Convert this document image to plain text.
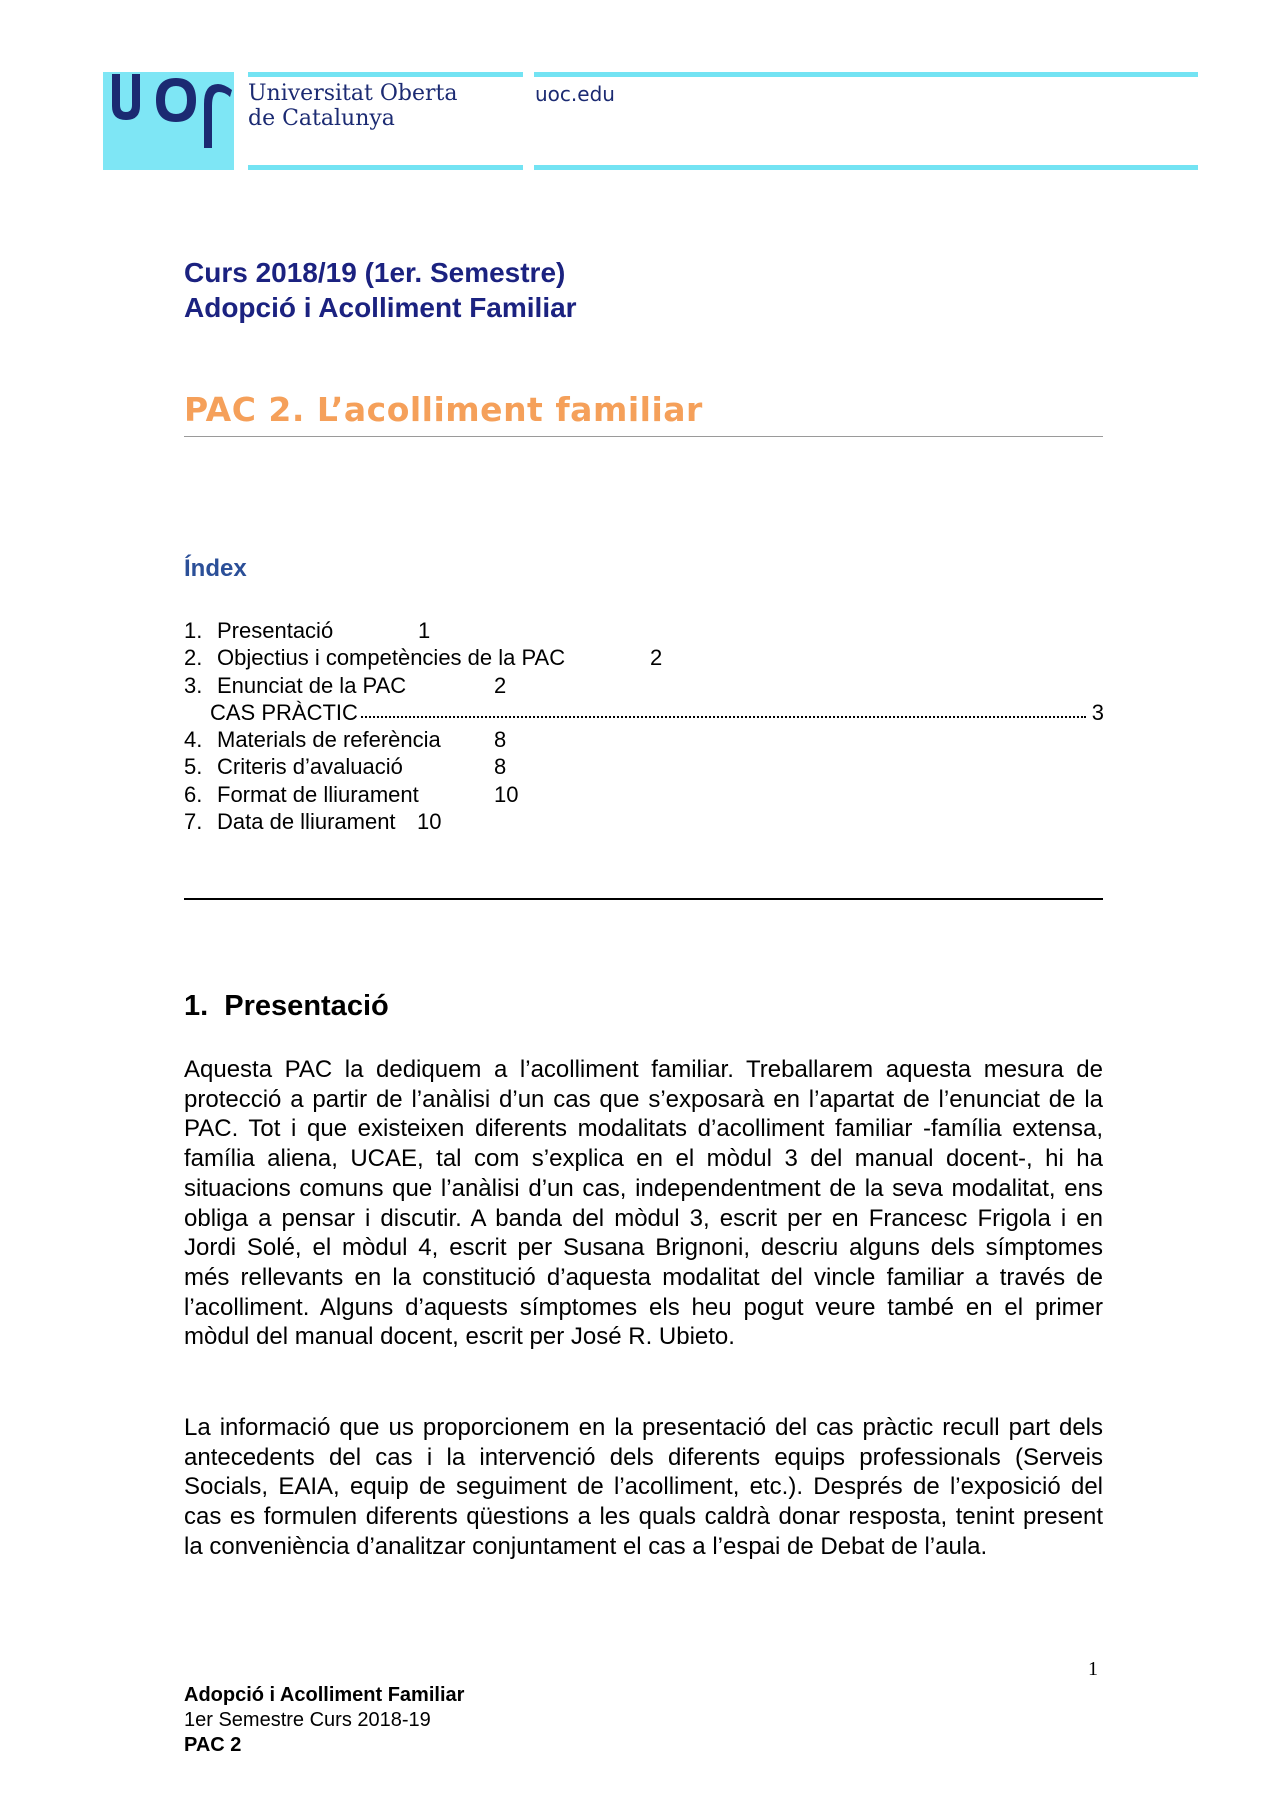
Universitat Oberta
de Catalunya
uoc.edu
Curs 2018/19 (1er. Semestre)
Adopció i Acolliment Familiar
PAC 2. L’acolliment familiar
Índex
1. Presentació	1
2. Objectius i competències de la PAC	2
3. Enunciat de la PAC	2
CAS PRÀCTIC	3
4. Materials de referència 8
5. Criteris d’avaluació	8
6. Format de lliurament	10
7. Data de lliurament 10
1.  Presentació
Aquesta PAC la dediquem a l’acolliment familiar. Treballarem aquesta mesura de protecció a partir de l’anàlisi d’un cas que s’exposarà en l’apartat de l’enunciat de la PAC. Tot i que existeixen diferents modalitats d’acolliment familiar -família extensa, família aliena, UCAE, tal com s’explica en el mòdul 3 del manual docent-, hi ha situacions comuns que l’anàlisi d’un cas, independentment de la seva modalitat, ens obliga a pensar i discutir. A banda del mòdul 3, escrit per en Francesc Frigola i en Jordi Solé, el mòdul 4, escrit per Susana Brignoni, descriu alguns dels símptomes més rellevants en la constitució d’aquesta modalitat del vincle familiar a través de l’acolliment. Alguns d’aquests símptomes els heu pogut veure també en el primer mòdul del manual docent, escrit per José R. Ubieto.
La informació que us proporcionem en la presentació del cas pràctic recull part dels antecedents del cas i la intervenció dels diferents equips professionals (Serveis Socials, EAIA, equip de seguiment de l’acolliment, etc.). Després de l’exposició del cas es formulen diferents qüestions a les quals caldrà donar resposta, tenint present la conveniència d’analitzar conjuntament el cas a l’espai de Debat de l’aula.
1
Adopció i Acolliment Familiar
1er Semestre Curs 2018-19
PAC 2
